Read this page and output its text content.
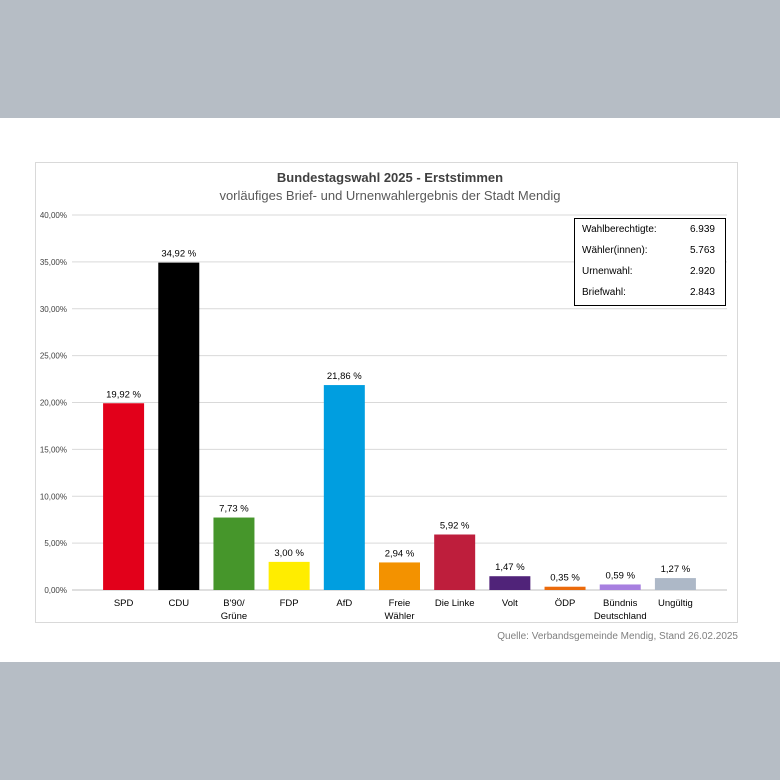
Bundestagswahl 2025 - Erststimmen
vorläufiges Brief- und Urnenwahlergebnis der Stadt Mendig
0,00%
5,00%
10,00%
15,00%
20,00%
25,00%
30,00%
35,00%
40,00%
19,92 %
SPD
34,92 %
CDU
7,73 %
B'90/
Grüne
3,00 %
FDP
21,86 %
AfD
2,94 %
Freie
Wähler
5,92 %
Die Linke
1,47 %
Volt
0,35 %
ÖDP
0,59 %
Bündnis
Deutschland
1,27 %
Ungültig
Wahlberechtigte:	6.939
Wähler(innen):	5.763
Urnenwahl:	2.920
Briefwahl:	2.843
Quelle: Verbandsgemeinde Mendig, Stand 26.02.2025
